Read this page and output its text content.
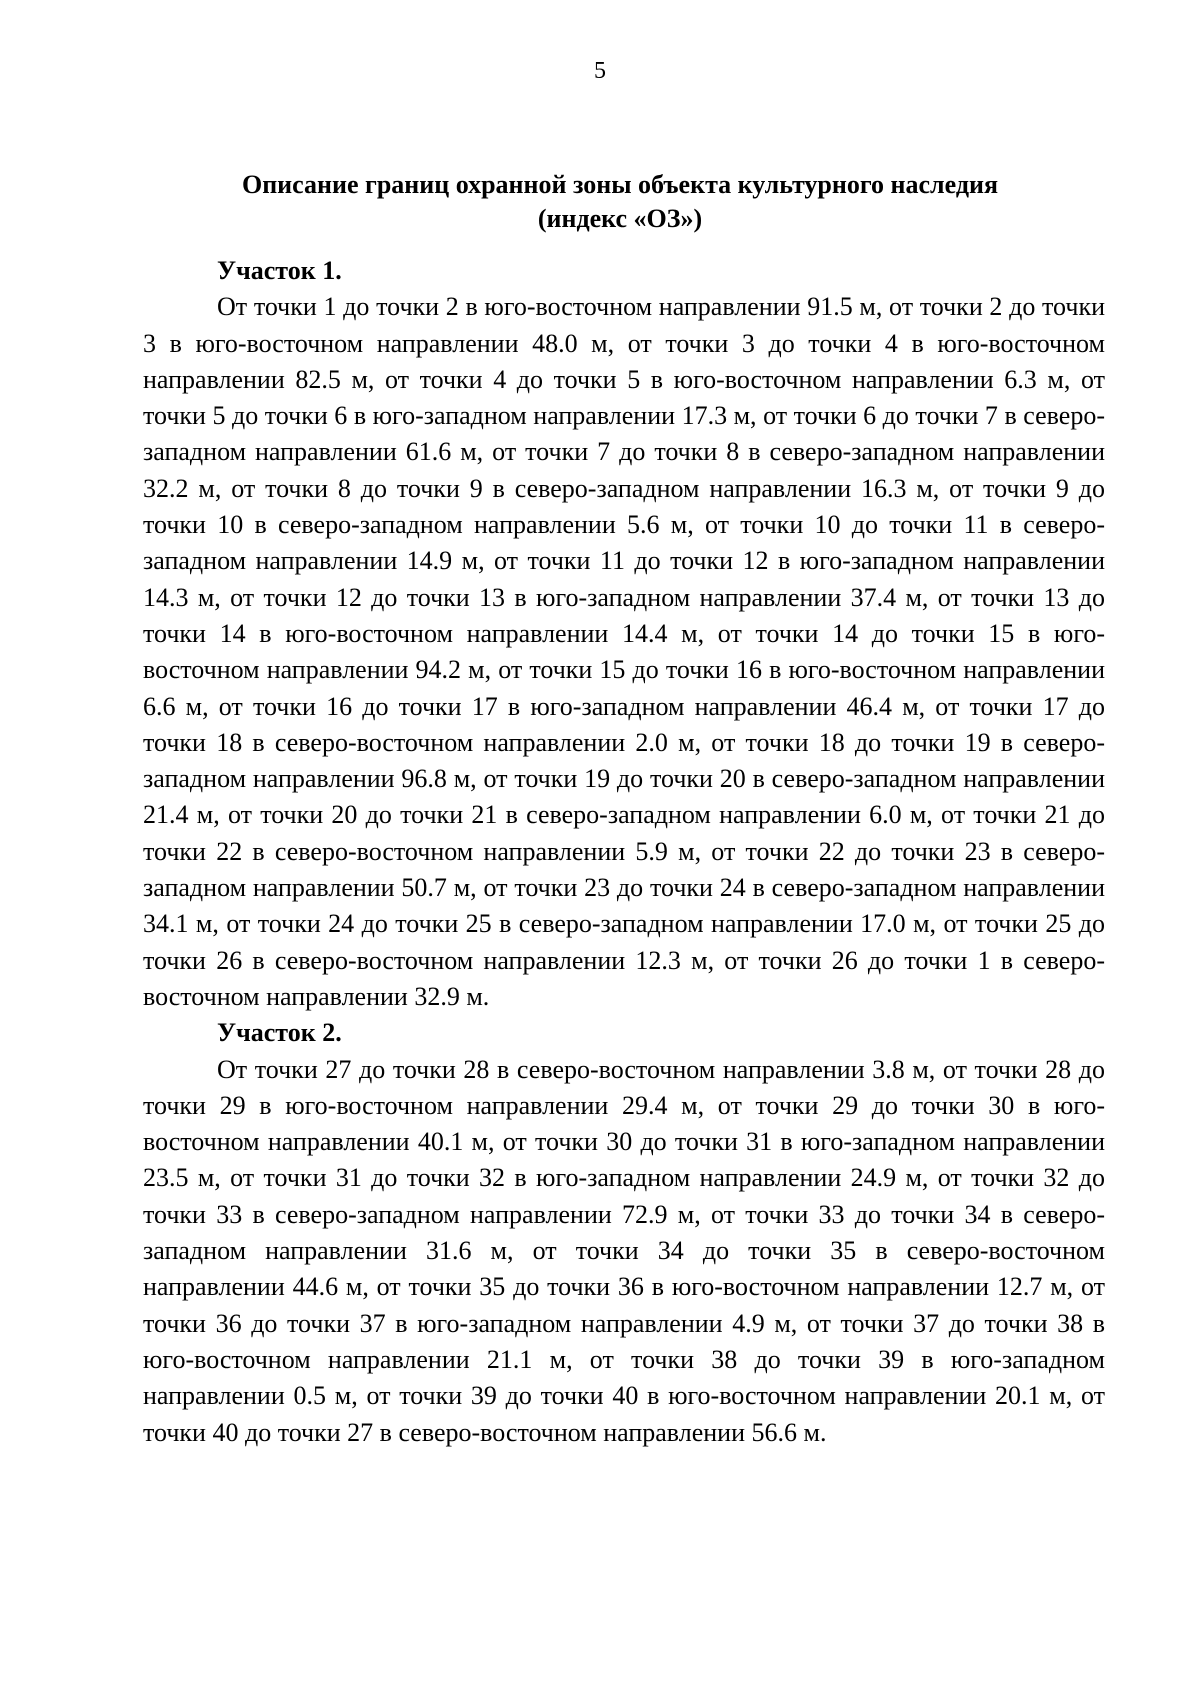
5
Описание границ охранной зоны объекта культурного наследия
(индекс «ОЗ»)
Участок 1.

От точки 1 до точки 2 в юго-восточном направлении 91.5 м, от точки 2 до точки 3 в юго-восточном направлении 48.0 м, от точки 3 до точки 4 в юго-восточном направлении 82.5 м, от точки 4 до точки 5 в юго-восточном направлении 6.3 м, от точки 5 до точки 6 в юго-западном направлении 17.3 м, от точки 6 до точки 7 в северо-западном направлении 61.6 м, от точки 7 до точки 8 в северо-западном направлении 32.2 м, от точки 8 до точки 9 в северо-западном направлении 16.3 м, от точки 9 до точки 10 в северо-западном направлении 5.6 м, от точки 10 до точки 11 в северо-западном направлении 14.9 м, от точки 11 до точки 12 в юго-западном направлении 14.3 м, от точки 12 до точки 13 в юго-западном направлении 37.4 м, от точки 13 до точки 14 в юго-восточном направлении 14.4 м, от точки 14 до точки 15 в юго-восточном направлении 94.2 м, от точки 15 до точки 16 в юго-восточном направлении 6.6 м, от точки 16 до точки 17 в юго-западном направлении 46.4 м, от точки 17 до точки 18 в северо-восточном направлении 2.0 м, от точки 18 до точки 19 в северо-западном направлении 96.8 м, от точки 19 до точки 20 в северо-западном направлении 21.4 м, от точки 20 до точки 21 в северо-западном направлении 6.0 м, от точки 21 до точки 22 в северо-восточном направлении 5.9 м, от точки 22 до точки 23 в северо-западном направлении 50.7 м, от точки 23 до точки 24 в северо-западном направлении 34.1 м, от точки 24 до точки 25 в северо-западном направлении 17.0 м, от точки 25 до точки 26 в северо-восточном направлении 12.3 м, от точки 26 до точки 1 в северо-восточном направлении 32.9 м.

Участок 2.

От точки 27 до точки 28 в северо-восточном направлении 3.8 м, от точки 28 до точки 29 в юго-восточном направлении 29.4 м, от точки 29 до точки 30 в юго-восточном направлении 40.1 м, от точки 30 до точки 31 в юго-западном направлении 23.5 м, от точки 31 до точки 32 в юго-западном направлении 24.9 м, от точки 32 до точки 33 в северо-западном направлении 72.9 м, от точки 33 до точки 34 в северо-западном направлении 31.6 м, от точки 34 до точки 35 в северо-восточном направлении 44.6 м, от точки 35 до точки 36 в юго-восточном направлении 12.7 м, от точки 36 до точки 37 в юго-западном направлении 4.9 м, от точки 37 до точки 38 в юго-восточном направлении 21.1 м, от точки 38 до точки 39 в юго-западном направлении 0.5 м, от точки 39 до точки 40 в юго-восточном направлении 20.1 м, от точки 40 до точки 27 в северо-восточном направлении 56.6 м.
